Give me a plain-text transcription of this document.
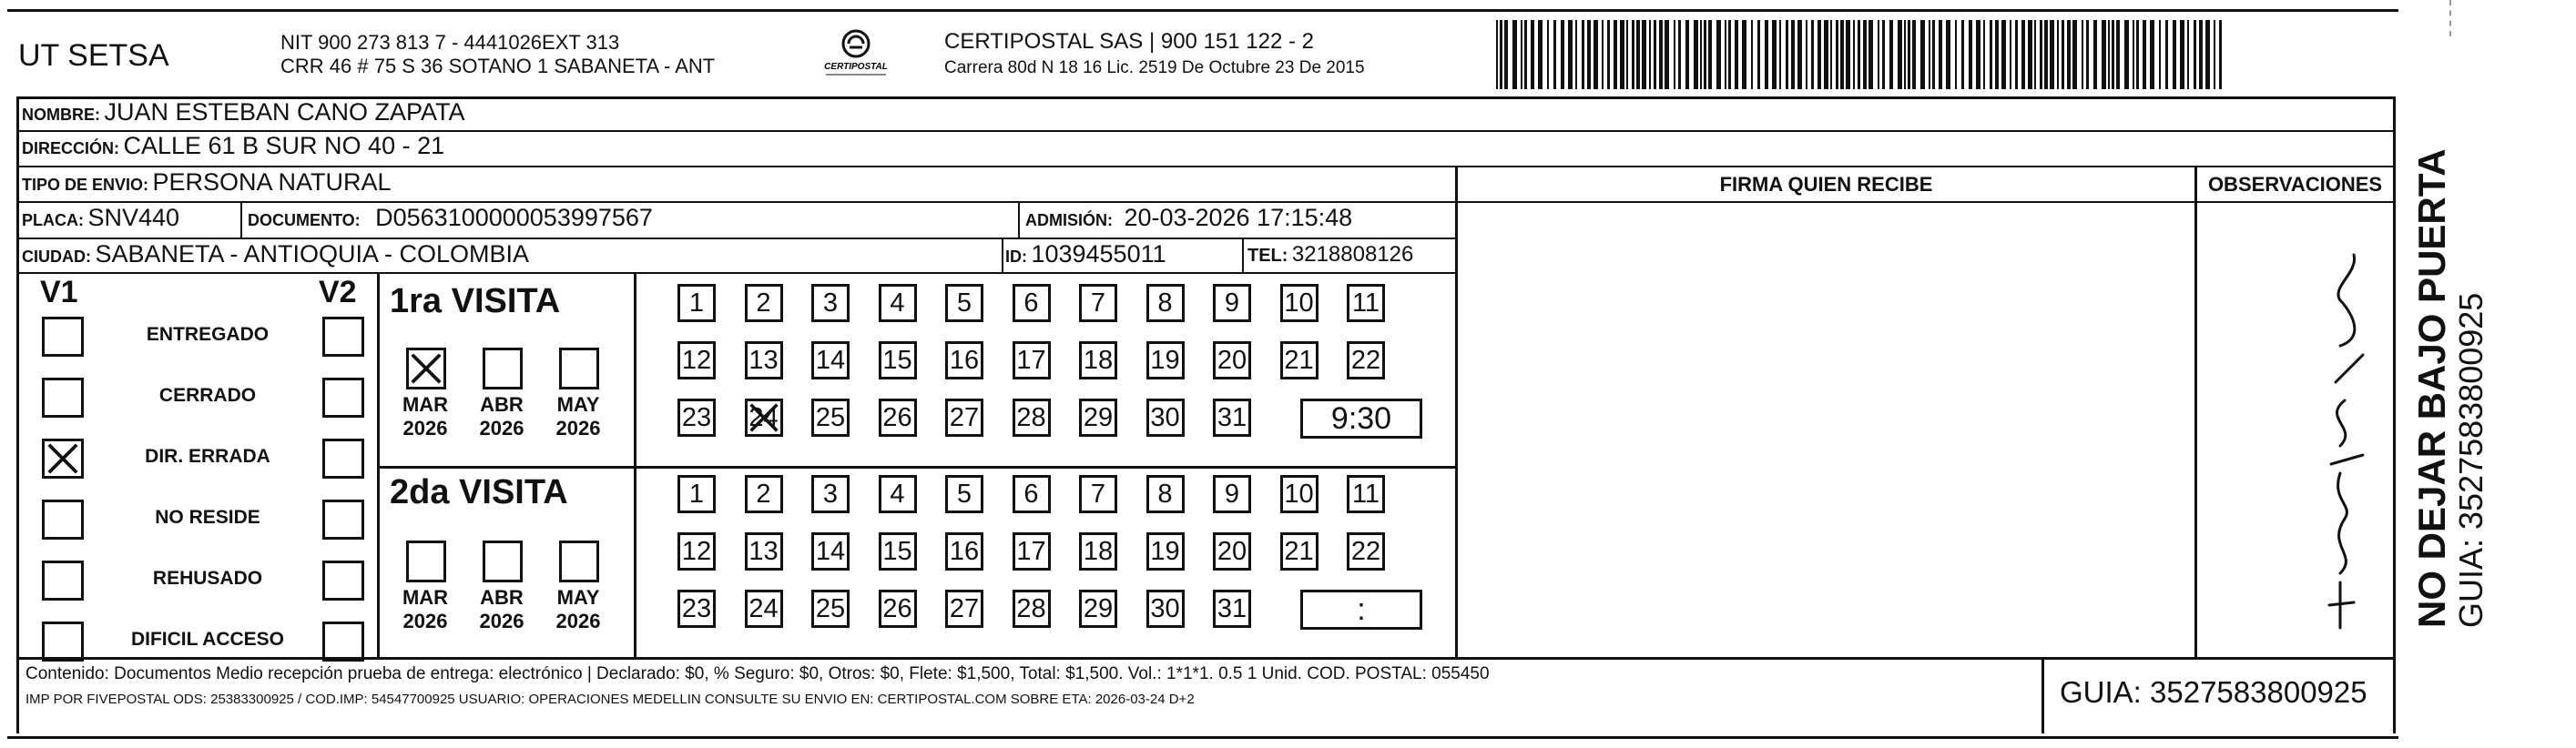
UT SETSA	NIT 900 273 813 7 - 4441026EXT 313
CRR 46 # 75 S 36 SOTANO 1 SABANETA - ANT	CERTIPOSTAL
CERTIPOSTAL SAS | 900 151 122 - 2
Carrera 80d N 18 16 Lic. 2519 De Octubre 23 De 2015
NOMBRE: JUAN ESTEBAN CANO ZAPATA
DIRECCIÓN: CALLE 61 B SUR NO 40 - 21
TIPO DE ENVIO: PERSONA NATURAL
PLACA: SNV440	DOCUMENTO: D0563100000053997567	ADMISIÓN: 20-03-2026 17:15:48
CIUDAD: SABANETA - ANTIOQUIA - COLOMBIA	ID: 1039455011	TEL: 3218808126
FIRMA QUIEN RECIBE	OBSERVACIONES
V1	V2
ENTREGADO
CERRADO
DIR. ERRADA
NO RESIDE
REHUSADO
DIFICIL ACCESO
1ra VISITA
MAR
2026
ABR
2026
MAY
2026
1	2	3	4	5	6	7	8	9	10 11
12 13 14 15 16 17 18 19 20 21 22
23 24 25 26 27 28 29 30 31	9:30
2da VISITA
MAR
2026
ABR
2026
MAY
2026
1	2	3	4	5	6	7	8	9	10 11
12 13 14 15 16 17 18 19 20 21 22
23 24 25 26 27 28 29 30 31	:
Contenido: Documentos Medio recepción prueba de entrega: electrónico | Declarado: $0, % Seguro: $0, Otros: $0, Flete: $1,500, Total: $1,500. Vol.: 1*1*1. 0.5 1 Unid. COD. POSTAL: 055450
IMP POR FIVEPOSTAL ODS: 25383300925 / COD.IMP: 54547700925 USUARIO: OPERACIONES MEDELLIN CONSULTE SU ENVIO EN: CERTIPOSTAL.COM SOBRE ETA: 2026-03-24 D+2	GUIA: 3527583800925
NO DEJAR BAJO PUERTA GUIA: 3527583800925
